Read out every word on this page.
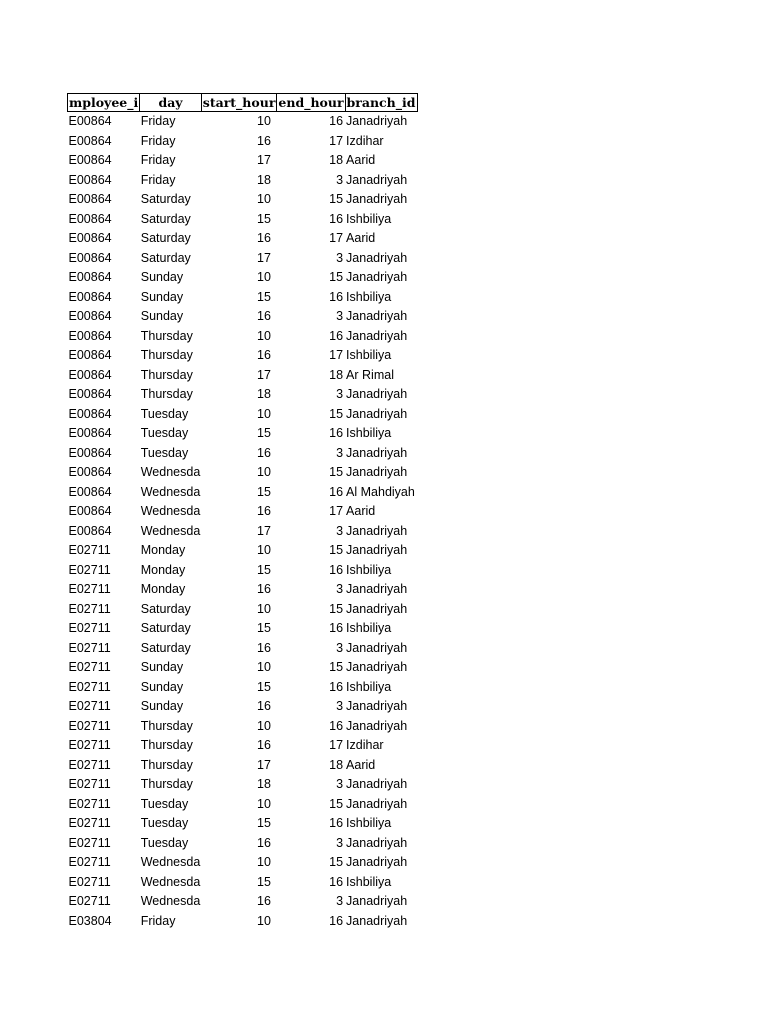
mployee_i	day	start_hour	end_hour	branch_id
E00864	Friday	10	16	Janadriyah
E00864	Friday	16	17	Izdihar
E00864	Friday	17	18	Aarid
E00864	Friday	18	3	Janadriyah
E00864	Saturday	10	15	Janadriyah
E00864	Saturday	15	16	Ishbiliya
E00864	Saturday	16	17	Aarid
E00864	Saturday	17	3	Janadriyah
E00864	Sunday	10	15	Janadriyah
E00864	Sunday	15	16	Ishbiliya
E00864	Sunday	16	3	Janadriyah
E00864	Thursday	10	16	Janadriyah
E00864	Thursday	16	17	Ishbiliya
E00864	Thursday	17	18	Ar Rimal
E00864	Thursday	18	3	Janadriyah
E00864	Tuesday	10	15	Janadriyah
E00864	Tuesday	15	16	Ishbiliya
E00864	Tuesday	16	3	Janadriyah
E00864	Wednesda	10	15	Janadriyah
E00864	Wednesda	15	16	Al Mahdiyah
E00864	Wednesda	16	17	Aarid
E00864	Wednesda	17	3	Janadriyah
E02711	Monday	10	15	Janadriyah
E02711	Monday	15	16	Ishbiliya
E02711	Monday	16	3	Janadriyah
E02711	Saturday	10	15	Janadriyah
E02711	Saturday	15	16	Ishbiliya
E02711	Saturday	16	3	Janadriyah
E02711	Sunday	10	15	Janadriyah
E02711	Sunday	15	16	Ishbiliya
E02711	Sunday	16	3	Janadriyah
E02711	Thursday	10	16	Janadriyah
E02711	Thursday	16	17	Izdihar
E02711	Thursday	17	18	Aarid
E02711	Thursday	18	3	Janadriyah
E02711	Tuesday	10	15	Janadriyah
E02711	Tuesday	15	16	Ishbiliya
E02711	Tuesday	16	3	Janadriyah
E02711	Wednesda	10	15	Janadriyah
E02711	Wednesda	15	16	Ishbiliya
E02711	Wednesda	16	3	Janadriyah
E03804	Friday	10	16	Janadriyah
